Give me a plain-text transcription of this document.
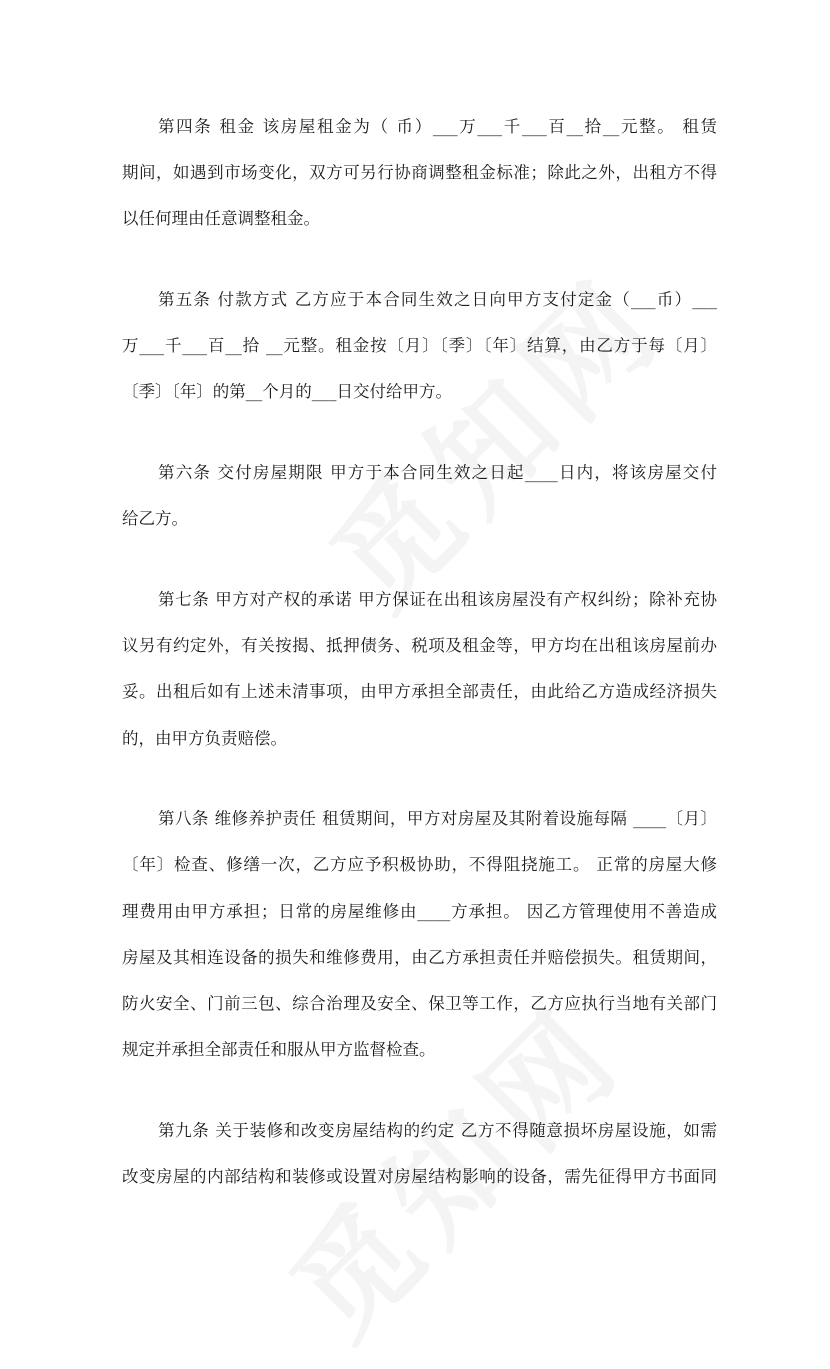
第四条 租金 该房屋租金为（ 币）___万___千___百__拾__元整。 租赁
期间，如遇到市场变化，双方可另行协商调整租金标准；除此之外，出租方不得
以任何理由任意调整租金。
第五条 付款方式 乙方应于本合同生效之日向甲方支付定金（___币）___
万___千___百__拾 __元整。租金按〔月〕〔季〕〔年〕结算，由乙方于每〔月〕
〔季〕〔年〕的第__个月的___日交付给甲方。
第六条 交付房屋期限 甲方于本合同生效之日起____日内，将该房屋交付
给乙方。
第七条 甲方对产权的承诺 甲方保证在出租该房屋没有产权纠纷；除补充协
议另有约定外，有关按揭、抵押债务、税项及租金等，甲方均在出租该房屋前办
妥。出租后如有上述未清事项，由甲方承担全部责任，由此给乙方造成经济损失
的，由甲方负责赔偿。
第八条 维修养护责任 租赁期间，甲方对房屋及其附着设施每隔 ____〔月〕
〔年〕检查、修缮一次，乙方应予积极协助，不得阻挠施工。 正常的房屋大修
理费用由甲方承担；日常的房屋维修由____方承担。 因乙方管理使用不善造成
房屋及其相连设备的损失和维修费用，由乙方承担责任并赔偿损失。租赁期间，
防火安全、门前三包、综合治理及安全、保卫等工作，乙方应执行当地有关部门
规定并承担全部责任和服从甲方监督检查。
第九条 关于装修和改变房屋结构的约定 乙方不得随意损坏房屋设施，如需
改变房屋的内部结构和装修或设置对房屋结构影响的设备，需先征得甲方书面同
